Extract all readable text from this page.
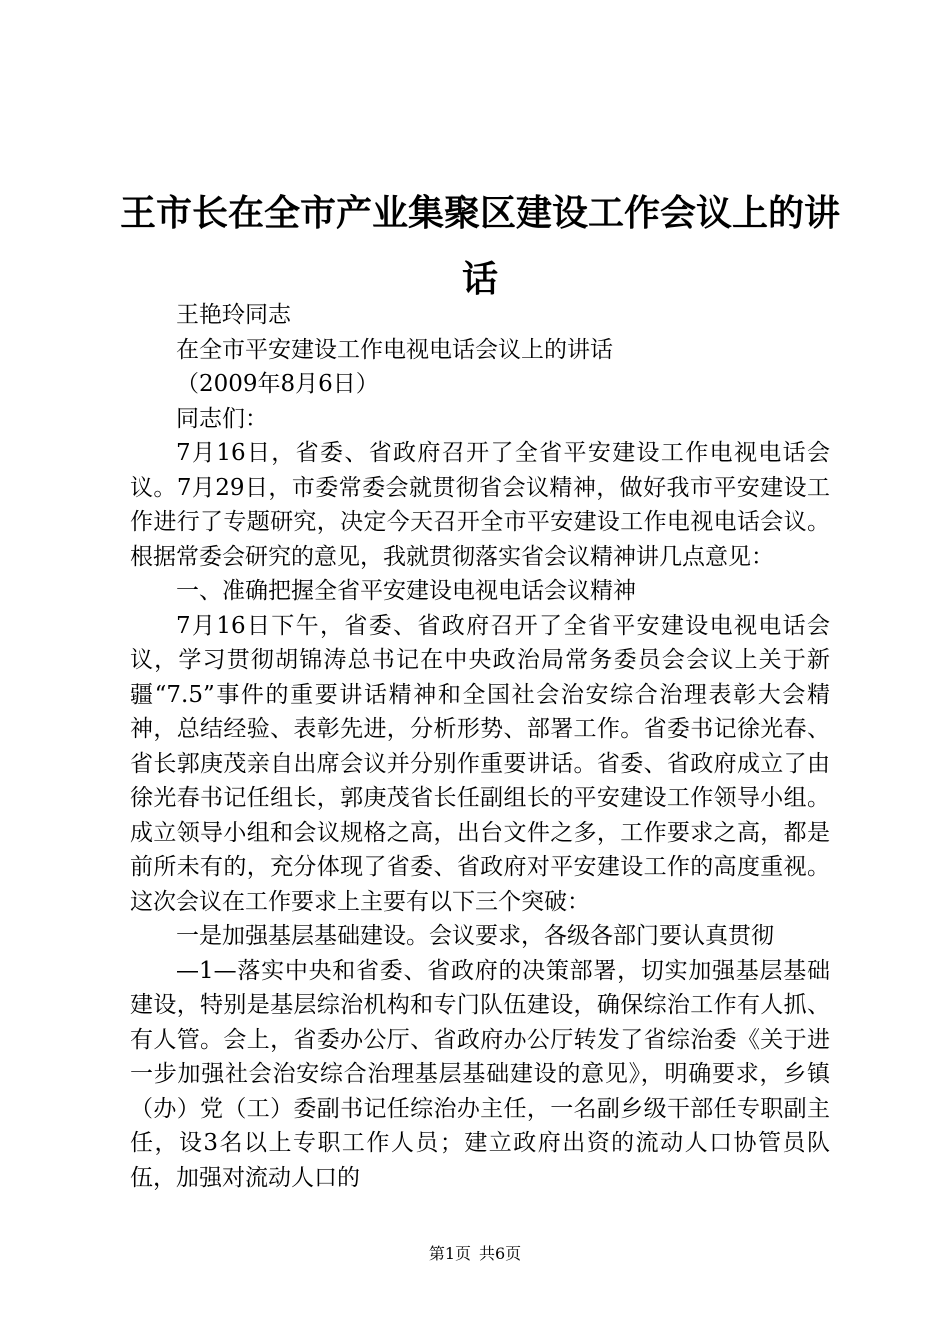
王市长在全市产业集聚区建设工作会议上的讲
话

王艳玲同志

在全市平安建设工作电视电话会议上的讲话

（2009年8月6日）

同志们：

7月16日，省委、省政府召开了全省平安建设工作电视电话会议。7月29日，市委常委会就贯彻省会议精神，做好我市平安建设工作进行了专题研究，决定今天召开全市平安建设工作电视电话会议。根据常委会研究的意见，我就贯彻落实省会议精神讲几点意见：

一、准确把握全省平安建设电视电话会议精神

7月16日下午，省委、省政府召开了全省平安建设电视电话会议，学习贯彻胡锦涛总书记在中央政治局常务委员会会议上关于新疆“7.5”事件的重要讲话精神和全国社会治安综合治理表彰大会精神，总结经验、表彰先进，分析形势、部署工作。省委书记徐光春、省长郭庚茂亲自出席会议并分别作重要讲话。省委、省政府成立了由徐光春书记任组长，郭庚茂省长任副组长的平安建设工作领导小组。成立领导小组和会议规格之高，出台文件之多，工作要求之高，都是前所未有的，充分体现了省委、省政府对平安建设工作的高度重视。这次会议在工作要求上主要有以下三个突破：

一是加强基层基础建设。会议要求，各级各部门要认真贯彻

—1—落实中央和省委、省政府的决策部署，切实加强基层基础建设，特别是基层综治机构和专门队伍建设，确保综治工作有人抓、有人管。会上，省委办公厅、省政府办公厅转发了省综治委《关于进一步加强社会治安综合治理基层基础建设的意见》，明确要求，乡镇（办）党（工）委副书记任综治办主任，一名副乡级干部任专职副主任，设3名以上专职工作人员；建立政府出资的流动人口协管员队伍，加强对流动人口的

第1页 共6页
